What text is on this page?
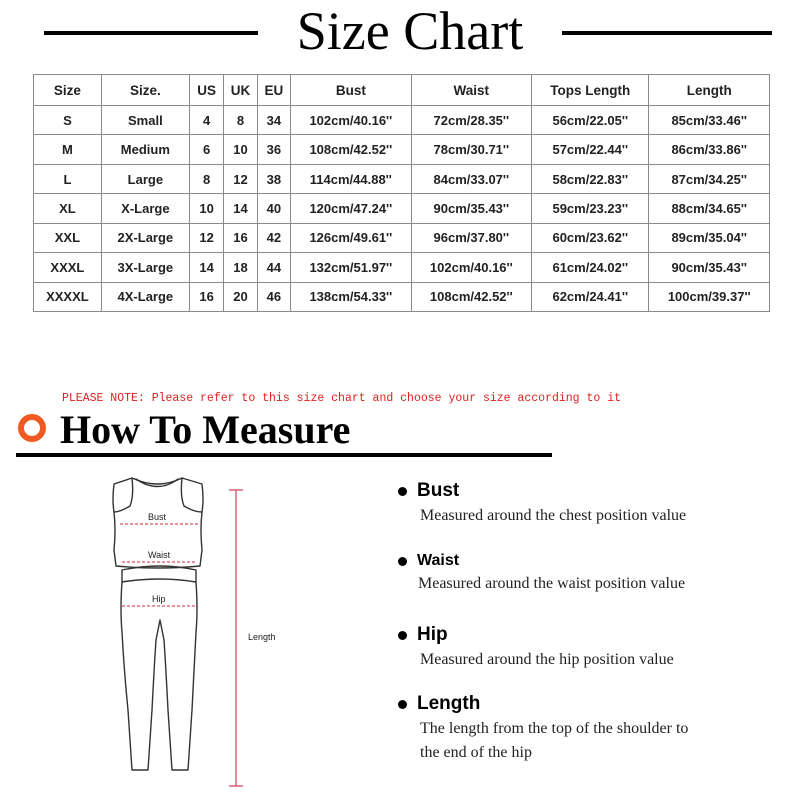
Size Chart
Size	Size.	US	UK	EU	Bust	Waist	Tops Length	Length
S	Small	4	8	34	102cm/40.16''	72cm/28.35''	56cm/22.05''	85cm/33.46''
M	Medium	6	10	36	108cm/42.52''	78cm/30.71''	57cm/22.44''	86cm/33.86''
L	Large	8	12	38	114cm/44.88''	84cm/33.07''	58cm/22.83''	87cm/34.25''
XL	X-Large	10	14	40	120cm/47.24''	90cm/35.43''	59cm/23.23''	88cm/34.65''
XXL	2X-Large	12	16	42	126cm/49.61''	96cm/37.80''	60cm/23.62''	89cm/35.04''
XXXL	3X-Large	14	18	44	132cm/51.97''	102cm/40.16''	61cm/24.02''	90cm/35.43''
XXXXL	4X-Large	16	20	46	138cm/54.33''	108cm/42.52''	62cm/24.41''	100cm/39.37''
PLEASE NOTE: Please refer to this size chart and choose your size according to it
How To Measure
Bust
Waist
Hip
Length
Bust
Measured around the chest position value
Waist
Measured around the waist position value
Hip
Measured around the hip position value
Length
The length from the top of the shoulder to
the end of the hip
